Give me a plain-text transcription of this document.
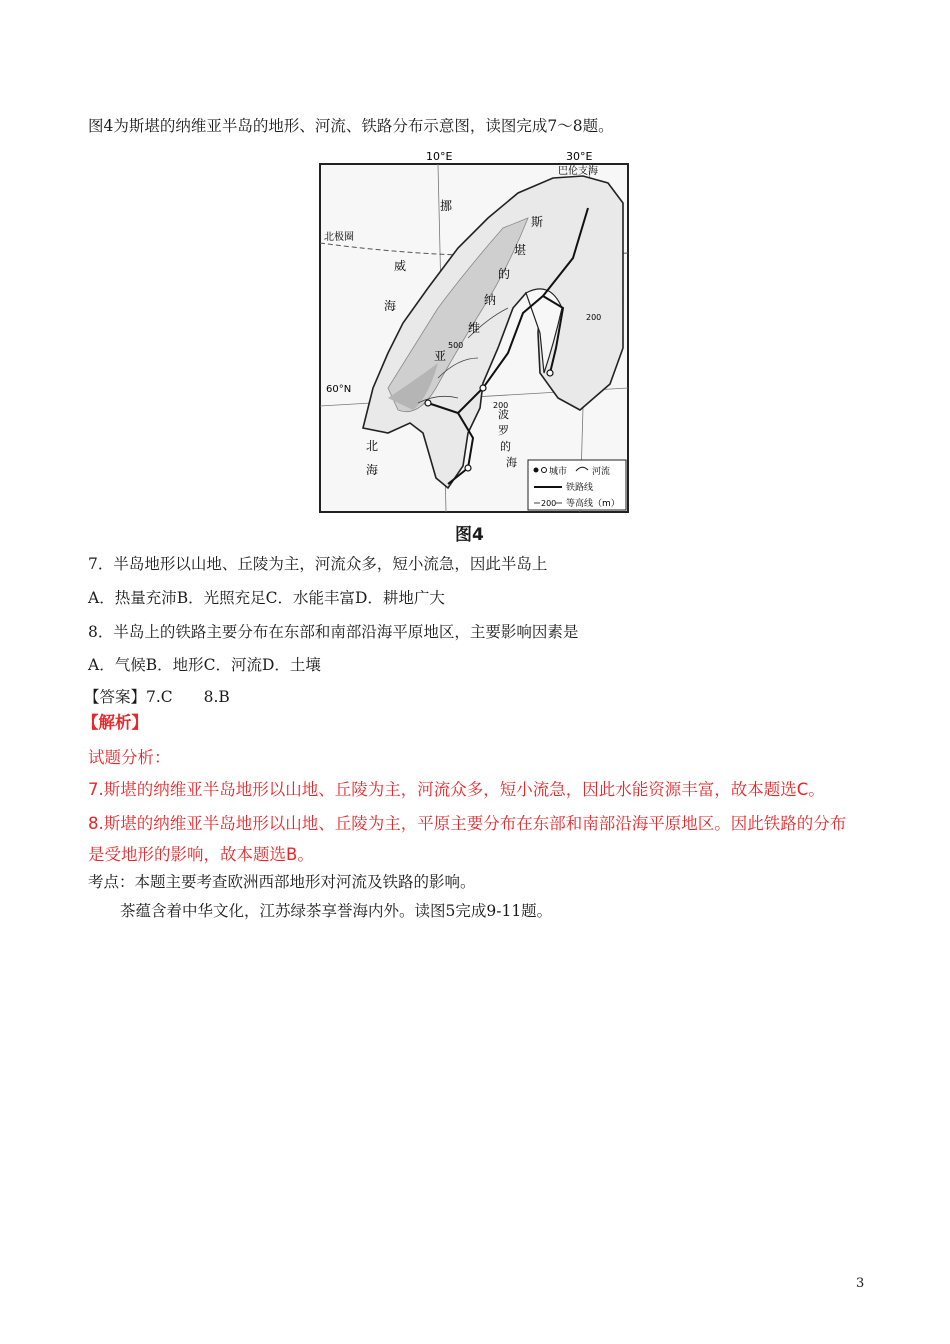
图4为斯堪的纳维亚半岛的地形、河流、铁路分布示意图，读图完成7～8题。
10°E	30°E
60°N
北极圈
巴伦支海
挪
威
海
斯
堪
的
纳
维
亚
北
海
波
罗
的
海
200
500
200
城市	河流
铁路线
200 等高线（m）
图4
7．半岛地形以山地、丘陵为主，河流众多，短小流急，因此半岛上
A．热量充沛B．光照充足C．水能丰富D．耕地广大
8．半岛上的铁路主要分布在东部和南部沿海平原地区，主要影响因素是
A．气候B．地形C．河流D．土壤
【答案】7.C　　8.B
【解析】
试题分析：
7.斯堪的纳维亚半岛地形以山地、丘陵为主，河流众多，短小流急，因此水能资源丰富，故本题选C。
8.斯堪的纳维亚半岛地形以山地、丘陵为主，平原主要分布在东部和南部沿海平原地区。因此铁路的分布
是受地形的影响，故本题选B。
考点：本题主要考查欧洲西部地形对河流及铁路的影响。
茶蕴含着中华文化，江苏绿茶享誉海内外。读图5完成9-11题。
3
